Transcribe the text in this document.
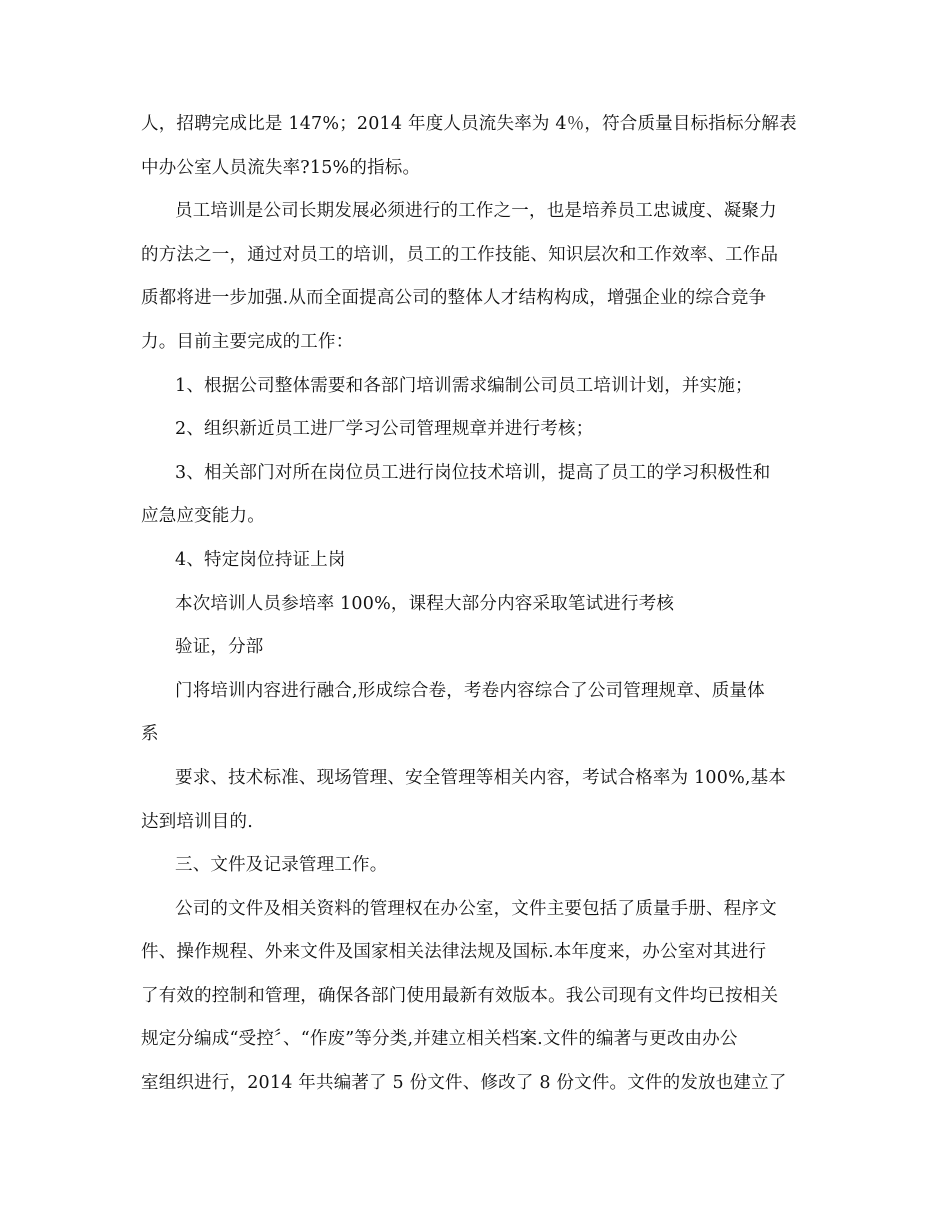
人，招聘完成比是 147%；2014 年度人员流失率为 4％，符合质量目标指标分解表
中办公室人员流失率?15%的指标。
员工培训是公司长期发展必须进行的工作之一，也是培养员工忠诚度、凝聚力
的方法之一，通过对员工的培训，员工的工作技能、知识层次和工作效率、工作品
质都将进一步加强.从而全面提高公司的整体人才结构构成，增强企业的综合竞争
力。目前主要完成的工作：
1、根据公司整体需要和各部门培训需求编制公司员工培训计划，并实施；
2、组织新近员工进厂学习公司管理规章并进行考核；
3、相关部门对所在岗位员工进行岗位技术培训，提高了员工的学习积极性和
应急应变能力。
4、特定岗位持证上岗
本次培训人员参培率 100%，课程大部分内容采取笔试进行考核
验证，分部
门将培训内容进行融合,形成综合卷，考卷内容综合了公司管理规章、质量体
系
要求、技术标准、现场管理、安全管理等相关内容，考试合格率为 100%,基本
达到培训目的.
三、文件及记录管理工作。
公司的文件及相关资料的管理权在办公室，文件主要包括了质量手册、程序文
件、操作规程、外来文件及国家相关法律法规及国标.本年度来，办公室对其进行
了有效的控制和管理，确保各部门使用最新有效版本。我公司现有文件均已按相关
规定分编成“受控〞、“作废”等分类,并建立相关档案.文件的编著与更改由办公
室组织进行，2014 年共编著了 5 份文件、修改了 8 份文件。文件的发放也建立了
